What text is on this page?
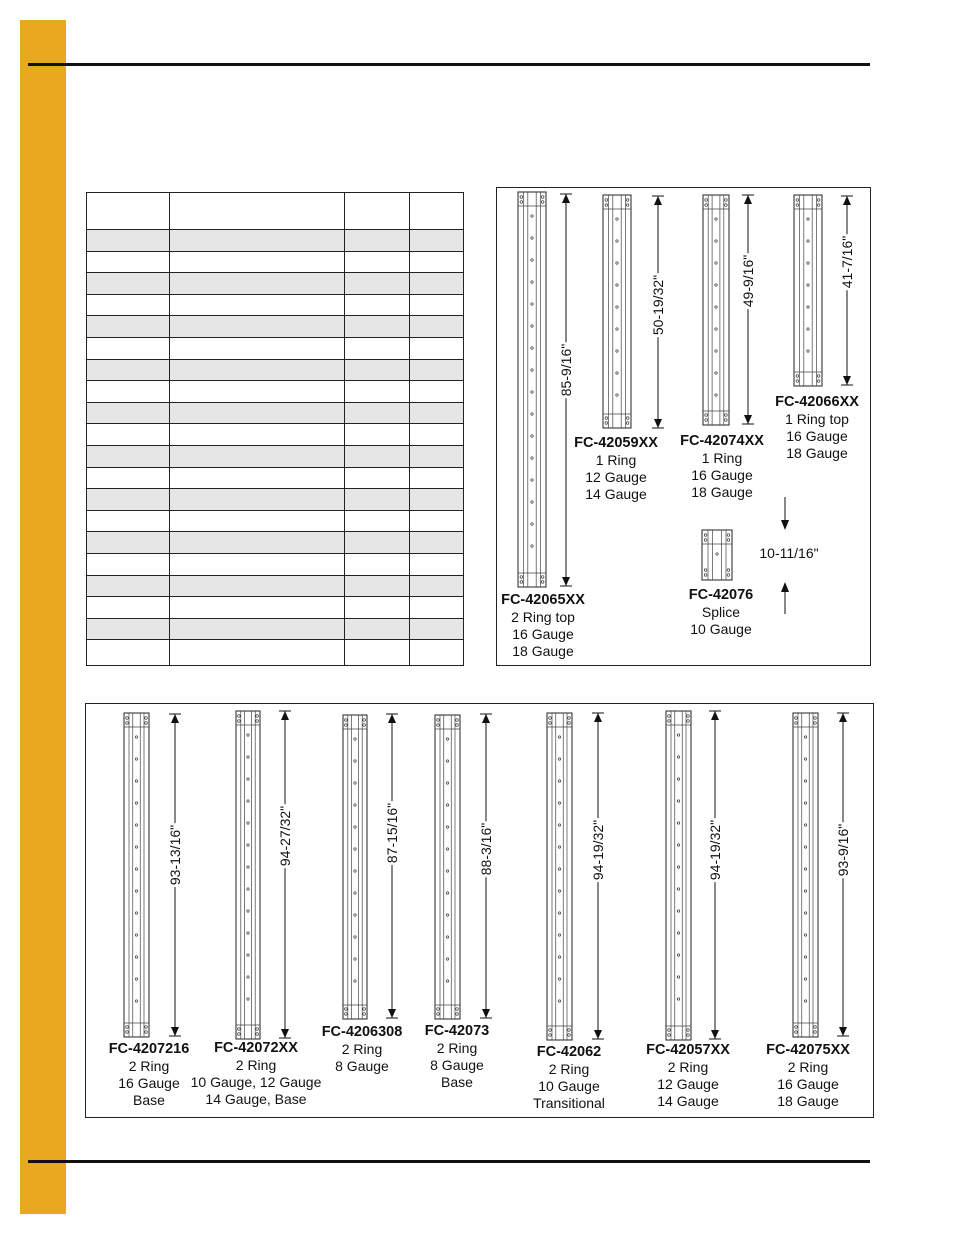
FC-42065XX
2 Ring top
16 Gauge
18 Gauge
FC-42059XX
1 Ring
12 Gauge
14 Gauge
FC-42074XX
1 Ring
16 Gauge
18 Gauge
FC-42066XX
1 Ring top
16 Gauge
18 Gauge
FC-42076
Splice
10 Gauge
85-9/16"
50-19/32"	49-9/16"	41-7/16"
10-11/16"
FC-4207216
2 Ring
16 Gauge
Base
FC-42072XX
2 Ring
10 Gauge, 12 Gauge
14 Gauge, Base
FC-4206308
2 Ring
8 Gauge
FC-42073
2 Ring
8 Gauge
Base
FC-42062
2 Ring
10 Gauge
Transitional
FC-42057XX
2 Ring
12 Gauge
14 Gauge
FC-42075XX
2 Ring
16 Gauge
18 Gauge
93-13/16"	94-27/32"	87-15/16"	88-3/16"	94-19/32"	94-19/32"	93-9/16"
